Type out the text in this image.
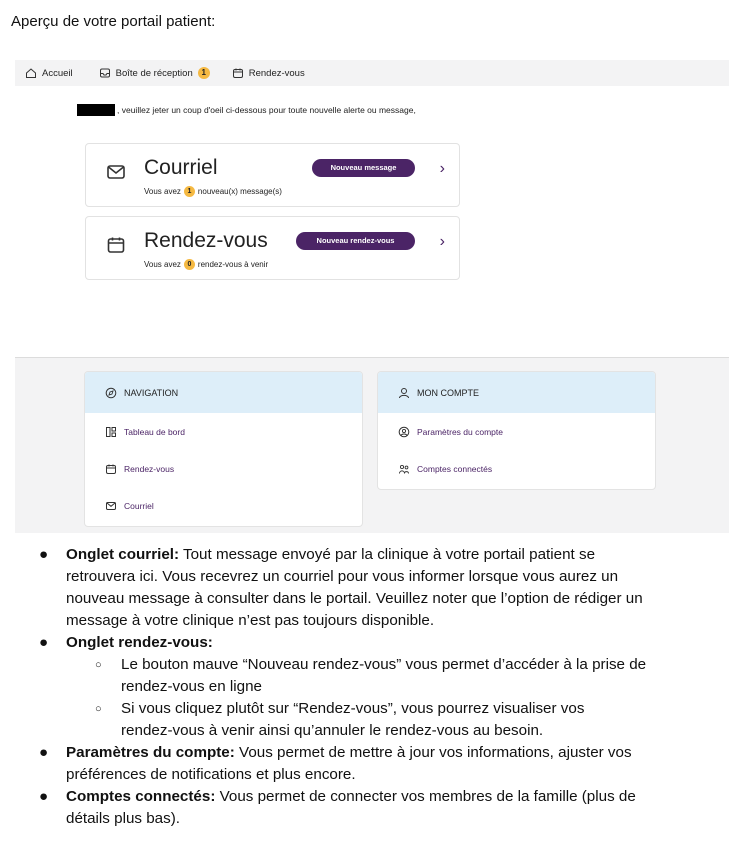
Aperçu de votre portail patient:
Accueil	Boîte de réception	1	Rendez-vous
, veuillez jeter un coup d'oeil ci-dessous pour toute nouvelle alerte ou message,
Courriel	Nouveau message	›
Vous avez 1 nouveau(x) message(s)
Rendez-vous	Nouveau rendez-vous	›
Vous avez 0 rendez-vous à venir
NAVIGATION
Tableau de bord
Rendez-vous
Courriel
MON COMPTE
Paramètres du compte
Comptes connectés
● Onglet courriel: Tout message envoyé par la clinique à votre portail patient se
retrouvera ici. Vous recevrez un courriel pour vous informer lorsque vous aurez un
nouveau message à consulter dans le portail. Veuillez noter que l’option de rédiger un
message à votre clinique n’est pas toujours disponible.
● Onglet rendez-vous:
○ Le bouton mauve “Nouveau rendez-vous” vous permet d’accéder à la prise de
rendez-vous en ligne
○ Si vous cliquez plutôt sur “Rendez-vous”, vous pourrez visualiser vos
rendez-vous à venir ainsi qu’annuler le rendez-vous au besoin.
● Paramètres du compte: Vous permet de mettre à jour vos informations, ajuster vos
préférences de notifications et plus encore.
● Comptes connectés: Vous permet de connecter vos membres de la famille (plus de
détails plus bas).
